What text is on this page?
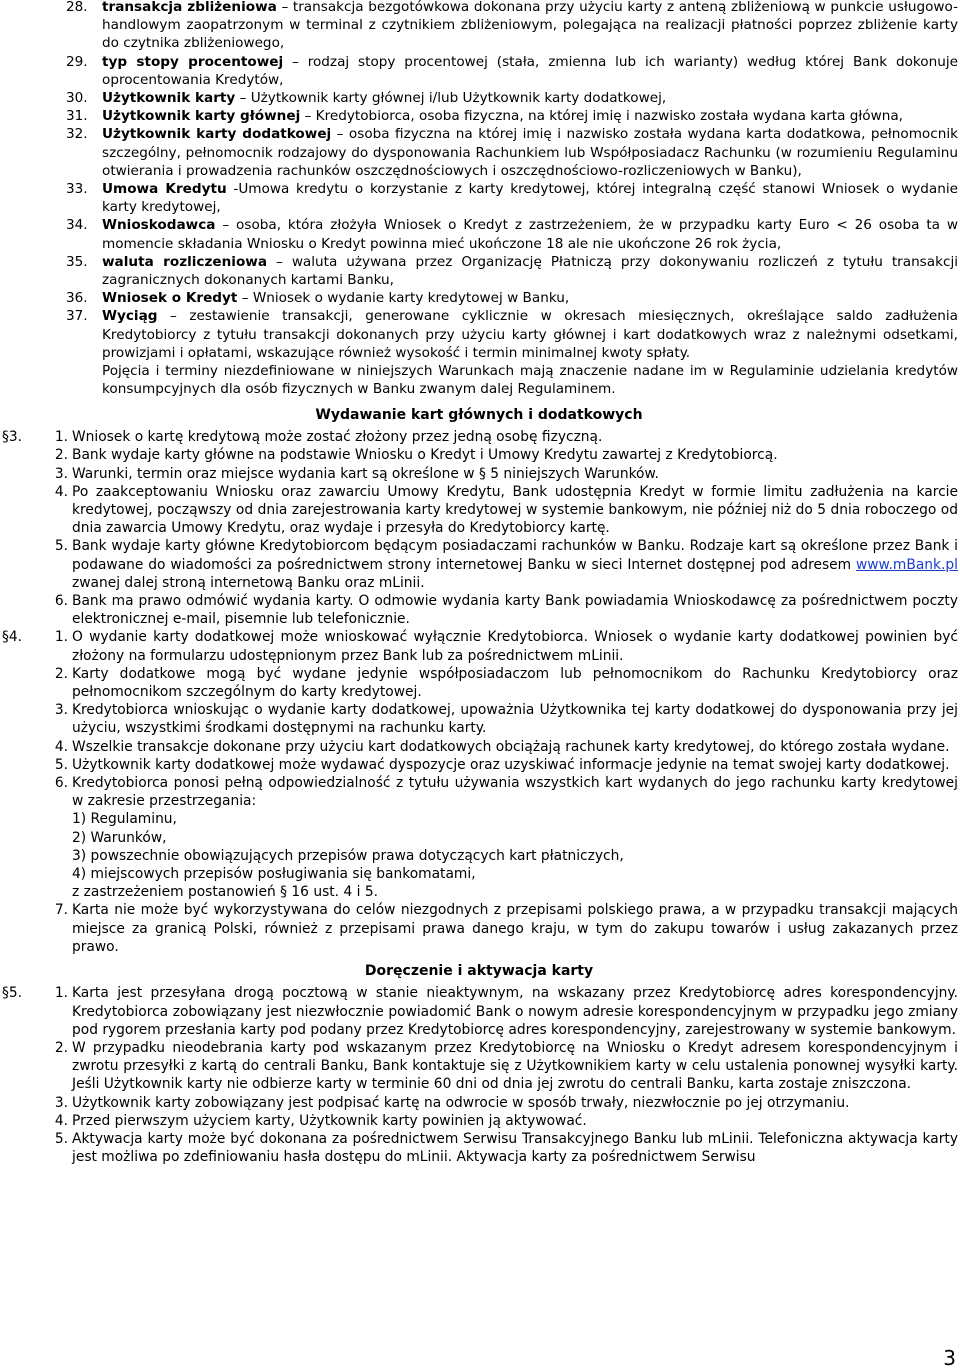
28.	transakcja zbliżeniowa – transakcja bezgotówkowa dokonana przy użyciu karty z anteną zbliżeniową w punkcie usługowo-handlowym zaopatrzonym w terminal z czytnikiem zbliżeniowym, polegająca na realizacji płatności poprzez zbliżenie karty do czytnika zbliżeniowego,
29.	typ stopy procentowej – rodzaj stopy procentowej (stała, zmienna lub ich warianty) według której Bank dokonuje oprocentowania Kredytów,
30.	Użytkownik karty – Użytkownik karty głównej i/lub Użytkownik karty dodatkowej,
31.	Użytkownik karty głównej – Kredytobiorca, osoba fizyczna, na której imię i nazwisko została wydana karta główna,
32.	Użytkownik karty dodatkowej – osoba fizyczna na której imię i nazwisko została wydana karta dodatkowa, pełnomocnik szczególny, pełnomocnik rodzajowy do dysponowania Rachunkiem lub Współposiadacz Rachunku (w rozumieniu Regulaminu otwierania i prowadzenia rachunków oszczędnościowych i oszczędnościowo-rozliczeniowych w Banku),
33.	Umowa Kredytu -Umowa kredytu o korzystanie z karty kredytowej, której integralną część stanowi Wniosek o wydanie karty kredytowej,
34.	Wnioskodawca – osoba, która złożyła Wniosek o Kredyt z zastrzeżeniem, że w przypadku karty Euro < 26 osoba ta w momencie składania Wniosku o Kredyt powinna mieć ukończone 18 ale nie ukończone 26 rok życia,
35.	waluta rozliczeniowa – waluta używana przez Organizację Płatniczą przy dokonywaniu rozliczeń z tytułu transakcji zagranicznych dokonanych kartami Banku,
36.	Wniosek o Kredyt – Wniosek o wydanie karty kredytowej w Banku,
37.	Wyciąg – zestawienie transakcji, generowane cyklicznie w okresach miesięcznych, określające saldo zadłużenia Kredytobiorcy z tytułu transakcji dokonanych przy użyciu karty głównej i kart dodatkowych wraz z należnymi odsetkami, prowizjami i opłatami, wskazujące również wysokość i termin minimalnej kwoty spłaty.
Pojęcia i terminy niezdefiniowane w niniejszych Warunkach mają znaczenie nadane im w Regulaminie udzielania kredytów konsumpcyjnych dla osób fizycznych w Banku zwanym dalej Regulaminem.
Wydawanie kart głównych i dodatkowych
§3.	1. Wniosek o kartę kredytową może zostać złożony przez jedną osobę fizyczną.
2. Bank wydaje karty główne na podstawie Wniosku o Kredyt i Umowy Kredytu zawartej z Kredytobiorcą.
3. Warunki, termin oraz miejsce wydania kart są określone w § 5 niniejszych Warunków.
4. Po zaakceptowaniu Wniosku oraz zawarciu Umowy Kredytu, Bank udostępnia Kredyt w formie limitu zadłużenia na karcie kredytowej, począwszy od dnia zarejestrowania karty kredytowej w systemie bankowym, nie później niż do 5 dnia roboczego od dnia zawarcia Umowy Kredytu, oraz wydaje i przesyła do Kredytobiorcy kartę.
5. Bank wydaje karty główne Kredytobiorcom będącym posiadaczami rachunków w Banku. Rodzaje kart są określone przez Bank i podawane do wiadomości za pośrednictwem strony internetowej Banku w sieci Internet dostępnej pod adresem www.mBank.pl zwanej dalej stroną internetową Banku oraz mLinii.
6. Bank ma prawo odmówić wydania karty. O odmowie wydania karty Bank powiadamia Wnioskodawcę za pośrednictwem poczty elektronicznej e-mail, pisemnie lub telefonicznie.
§4.	1. O wydanie karty dodatkowej może wnioskować wyłącznie Kredytobiorca. Wniosek o wydanie karty dodatkowej powinien być złożony na formularzu udostępnionym przez Bank lub za pośrednictwem mLinii.
2. Karty dodatkowe mogą być wydane jedynie współposiadaczom lub pełnomocnikom do Rachunku Kredytobiorcy oraz pełnomocnikom szczególnym do karty kredytowej.
3. Kredytobiorca wnioskując o wydanie karty dodatkowej, upoważnia Użytkownika tej karty dodatkowej do dysponowania przy jej użyciu, wszystkimi środkami dostępnymi na rachunku karty.
4. Wszelkie transakcje dokonane przy użyciu kart dodatkowych obciążają rachunek karty kredytowej, do którego została wydane.
5. Użytkownik karty dodatkowej może wydawać dyspozycje oraz uzyskiwać informacje jedynie na temat swojej karty dodatkowej.
6. Kredytobiorca ponosi pełną odpowiedzialność z tytułu używania wszystkich kart wydanych do jego rachunku karty kredytowej w zakresie przestrzegania:
1) Regulaminu,
2) Warunków,
3) powszechnie obowiązujących przepisów prawa dotyczących kart płatniczych,
4) miejscowych przepisów posługiwania się bankomatami,
z zastrzeżeniem postanowień § 16 ust. 4 i 5.
7. Karta nie może być wykorzystywana do celów niezgodnych z przepisami polskiego prawa, a w przypadku transakcji mających miejsce za granicą Polski, również z przepisami prawa danego kraju, w tym do zakupu towarów i usług zakazanych przez prawo.
Doręczenie i aktywacja karty
§5.	1. Karta jest przesyłana drogą pocztową w stanie nieaktywnym, na wskazany przez Kredytobiorcę adres korespondencyjny. Kredytobiorca zobowiązany jest niezwłocznie powiadomić Bank o nowym adresie korespondencyjnym w przypadku jego zmiany pod rygorem przesłania karty pod podany przez Kredytobiorcę adres korespondencyjny, zarejestrowany w systemie bankowym.
2. W przypadku nieodebrania karty pod wskazanym przez Kredytobiorcę na Wniosku o Kredyt adresem korespondencyjnym i zwrotu przesyłki z kartą do centrali Banku, Bank kontaktuje się z Użytkownikiem karty w celu ustalenia ponownej wysyłki karty. Jeśli Użytkownik karty nie odbierze karty w terminie 60 dni od dnia jej zwrotu do centrali Banku, karta zostaje zniszczona.
3. Użytkownik karty zobowiązany jest podpisać kartę na odwrocie w sposób trwały, niezwłocznie po jej otrzymaniu.
4. Przed pierwszym użyciem karty, Użytkownik karty powinien ją aktywować.
5. Aktywacja karty może być dokonana za pośrednictwem Serwisu Transakcyjnego Banku lub mLinii. Telefoniczna aktywacja karty jest możliwa po zdefiniowaniu hasła dostępu do mLinii. Aktywacja karty za pośrednictwem Serwisu
3
